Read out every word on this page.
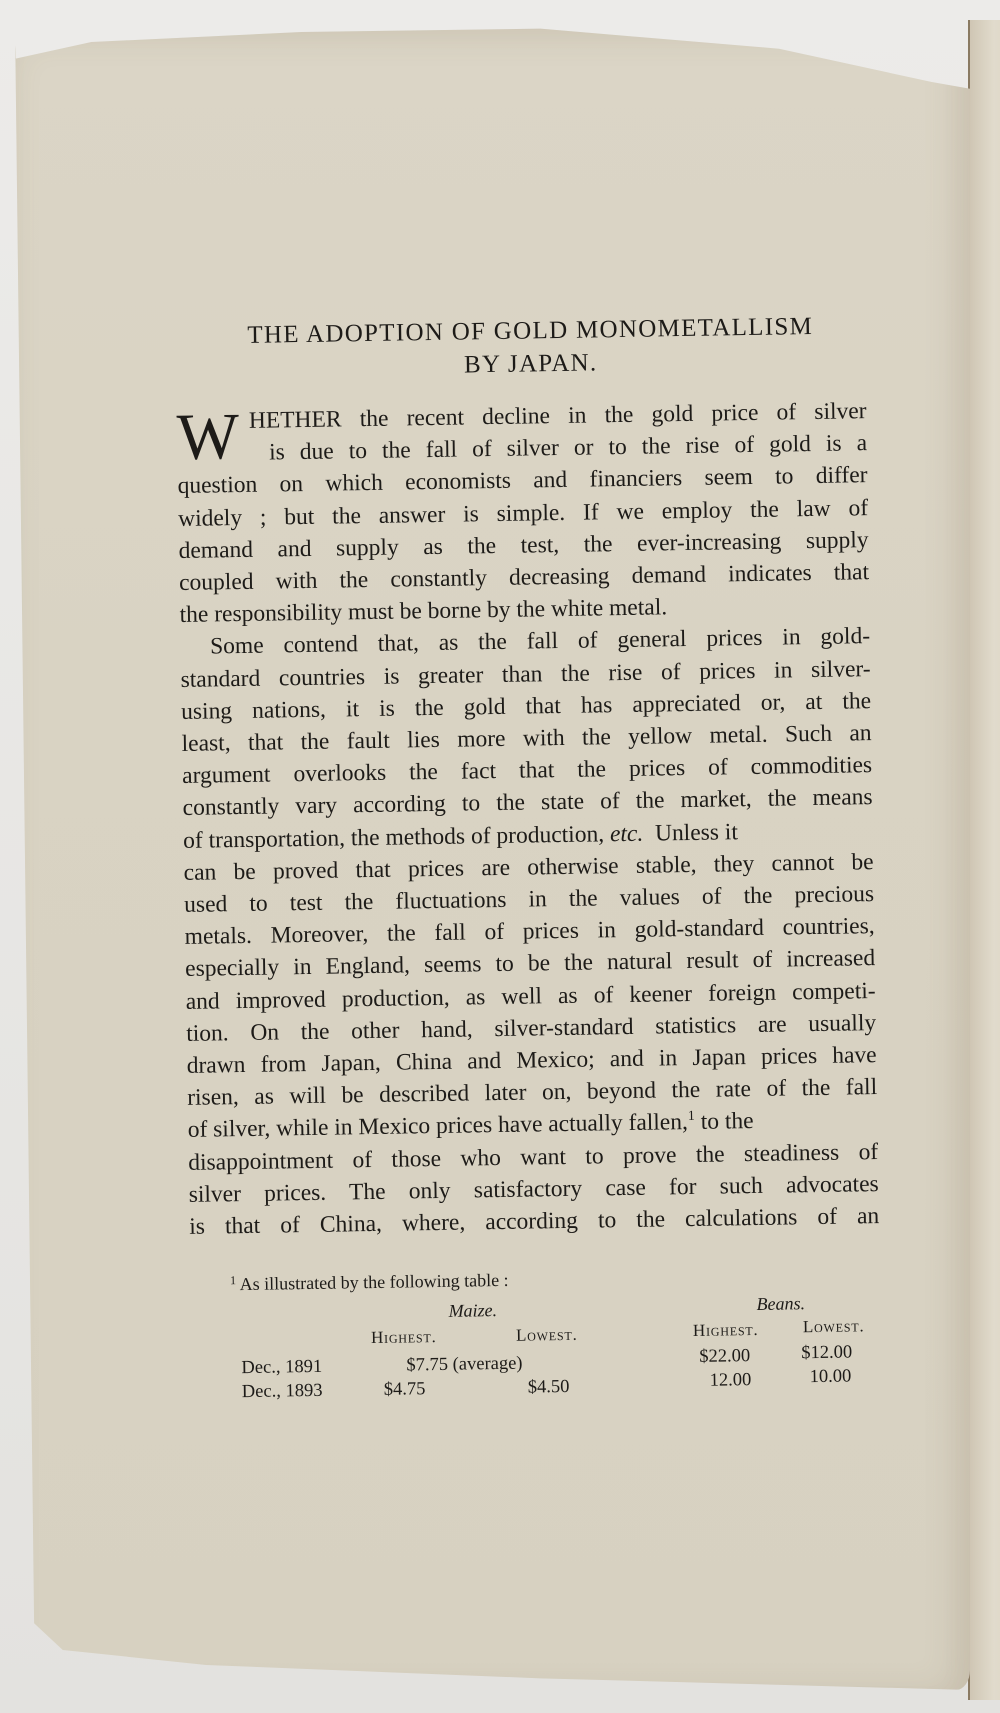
THE ADOPTION OF GOLD MONOMETALLISM
BY JAPAN.
W HETHER the recent decline in the gold price of silver
is due to the fall of silver or to the rise of gold is a
question on which economists and financiers seem to differ
widely ; but the answer is simple. If we employ the law of
demand and supply as the test, the ever-increasing supply
coupled with the constantly decreasing demand indicates that
the responsibility must be borne by the white metal.
Some contend that, as the fall of general prices in gold-
standard countries is greater than the rise of prices in silver-
using nations, it is the gold that has appreciated or, at the
least, that the fault lies more with the yellow metal. Such an
argument overlooks the fact that the prices of commodities
constantly vary according to the state of the market, the means
of transportation, the methods of production, etc.  Unless it
can be proved that prices are otherwise stable, they cannot be
used to test the fluctuations in the values of the precious
metals. Moreover, the fall of prices in gold-standard countries,
especially in England, seems to be the natural result of increased
and improved production, as well as of keener foreign competi-
tion. On the other hand, silver-standard statistics are usually
drawn from Japan, China and Mexico; and in Japan prices have
risen, as will be described later on, beyond the rate of the fall
of silver, while in Mexico prices have actually fallen,$^1$ to the
disappointment of those who want to prove the steadiness of
silver prices. The only satisfactory case for such advocates
is that of China, where, according to the calculations of an
$^1$ As illustrated by the following table :
Maize.	Beans.
Highest.	Lowest.	Highest.	Lowest.
Dec., 1891	$7.75 (average)	$22.00	$12.00
Dec., 1893	$4.75	$4.50	12.00	10.00
